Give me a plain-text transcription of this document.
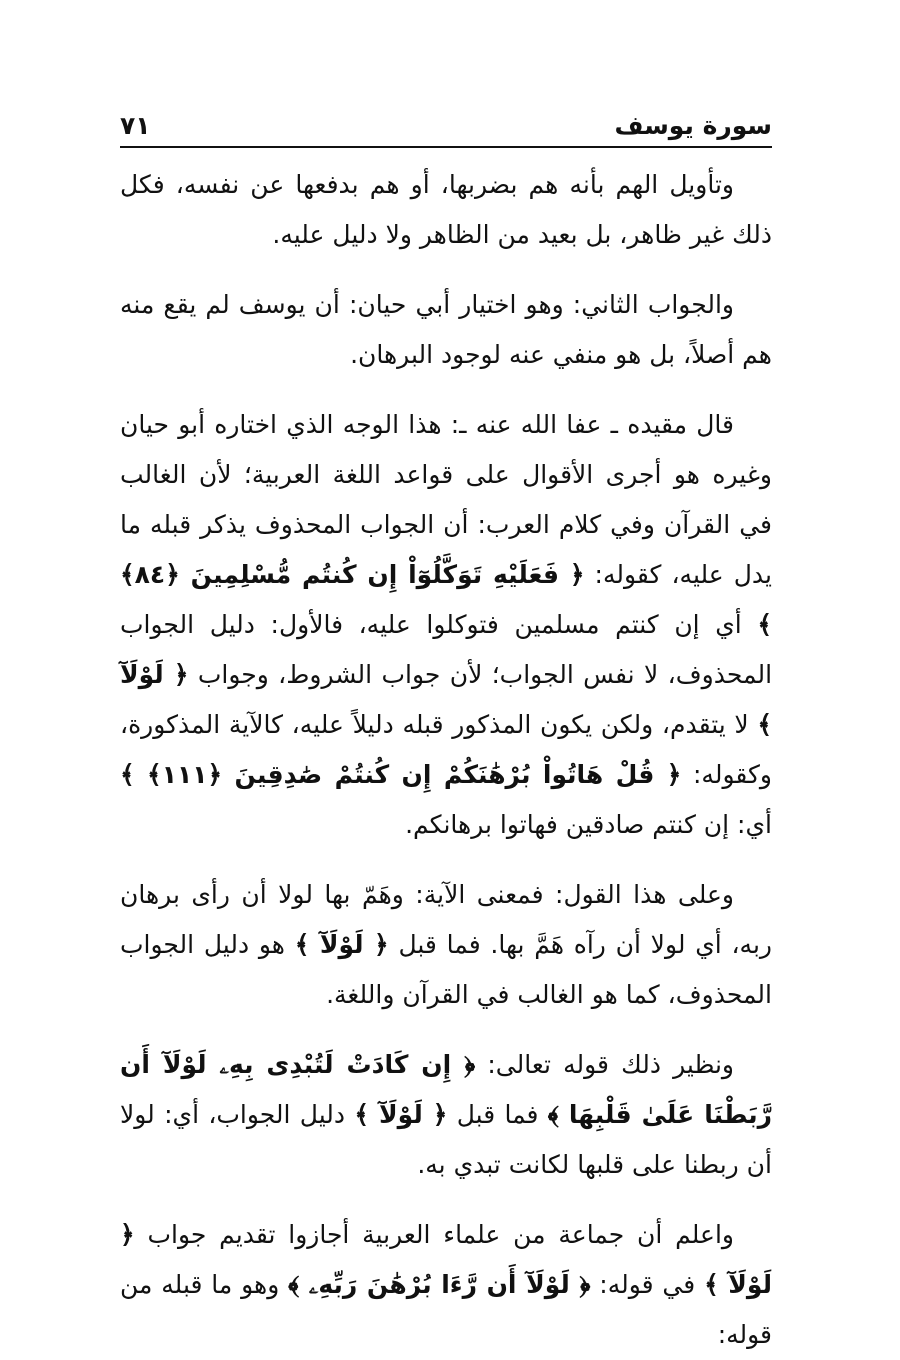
سورة يوسف
٧١

وتأويل الهم بأنه هم بضربها، أو هم بدفعها عن نفسه، فكل ذلك غير ظاهر، بل بعيد من الظاهر ولا دليل عليه.

والجواب الثاني: وهو اختيار أبي حيان: أن يوسف لم يقع منه هم أصلاً، بل هو منفي عنه لوجود البرهان.

قال مقيده ـ عفا الله عنه ـ: هذا الوجه الذي اختاره أبو حيان وغيره هو أجرى الأقوال على قواعد اللغة العربية؛ لأن الغالب في القرآن وفي كلام العرب: أن الجواب المحذوف يذكر قبله ما يدل عليه، كقوله: ﴿ فَعَلَيْهِ تَوَكَّلُوٓاْ إِن كُنتُم مُّسْلِمِينَ ﴿٨٤﴾ ﴾ أي إن كنتم مسلمين فتوكلوا عليه، فالأول: دليل الجواب المحذوف، لا نفس الجواب؛ لأن جواب الشروط، وجواب ﴿ لَوْلَآ ﴾ لا يتقدم، ولكن يكون المذكور قبله دليلاً عليه، كالآية المذكورة، وكقوله: ﴿ قُلْ هَاتُواْ بُرْهَٰنَكُمْ إِن كُنتُمْ صَٰدِقِينَ ﴿١١١﴾ ﴾ أي: إن كنتم صادقين فهاتوا برهانكم.

وعلى هذا القول: فمعنى الآية: وهَمّ بها لولا أن رأى برهان ربه، أي لولا أن رآه هَمَّ بها. فما قبل ﴿ لَوْلَآ ﴾ هو دليل الجواب المحذوف، كما هو الغالب في القرآن واللغة.

ونظير ذلك قوله تعالى: ﴿ إِن كَادَتْ لَتُبْدِى بِهِۦ لَوْلَآ أَن رَّبَطْنَا عَلَىٰ قَلْبِهَا ﴾ فما قبل ﴿ لَوْلَآ ﴾ دليل الجواب، أي: لولا أن ربطنا على قلبها لكانت تبدي به.

واعلم أن جماعة من علماء العربية أجازوا تقديم جواب ﴿ لَوْلَآ ﴾ في قوله: ﴿ لَوْلَآ أَن رَّءَا بُرْهَٰنَ رَبِّهِۦ ﴾ وهو ما قبله من قوله:
